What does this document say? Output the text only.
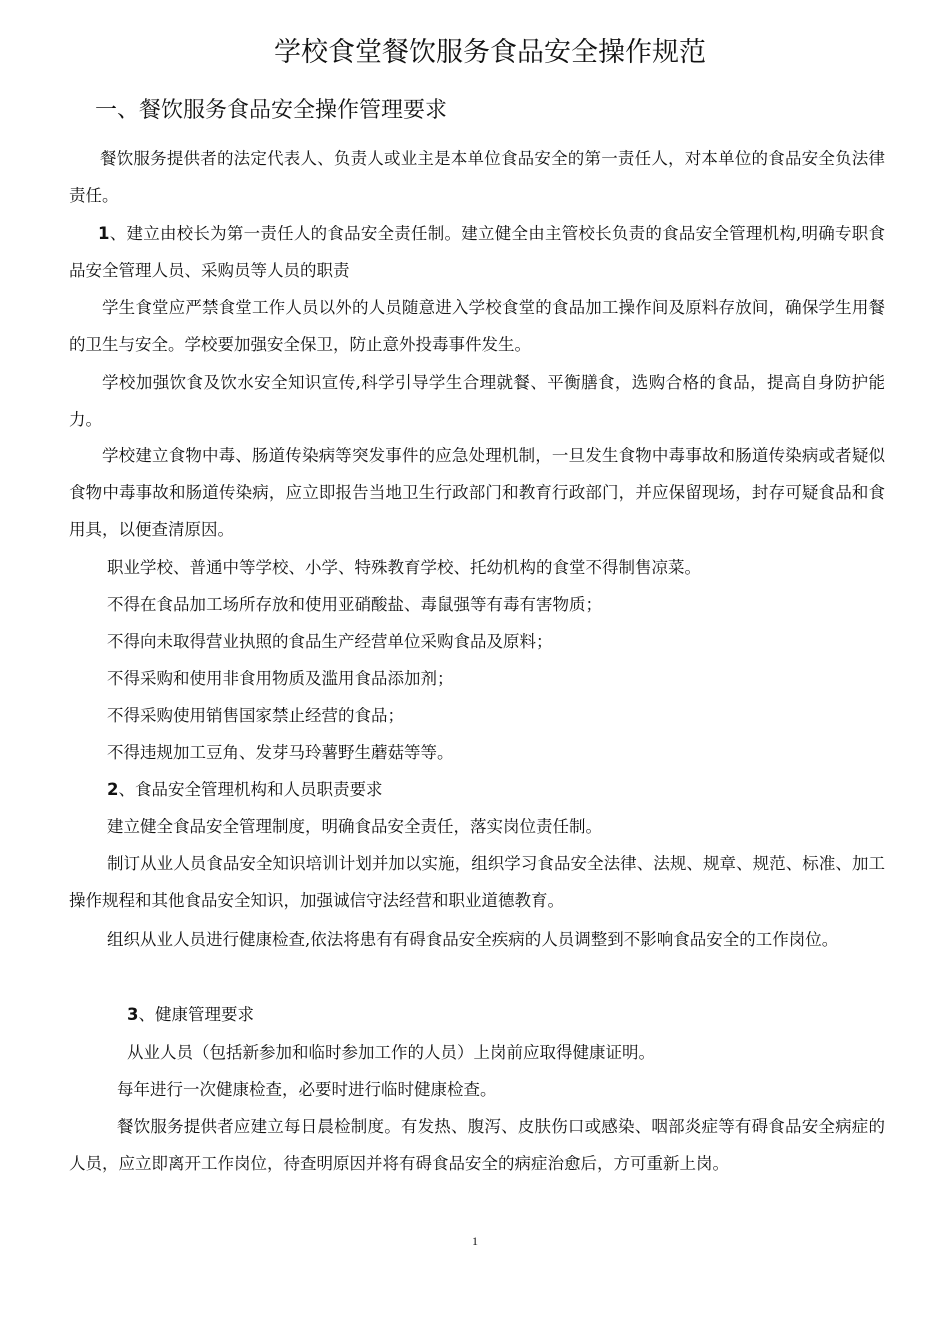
学校食堂餐饮服务食品安全操作规范
一、餐饮服务食品安全操作管理要求
餐饮服务提供者的法定代表人、负责人或业主是本单位食品安全的第一责任人，对本单位的食品安全负法律责任。
1、建立由校长为第一责任人的食品安全责任制。建立健全由主管校长负责的食品安全管理机构,明确专职食品安全管理人员、采购员等人员的职责
学生食堂应严禁食堂工作人员以外的人员随意进入学校食堂的食品加工操作间及原料存放间，确保学生用餐的卫生与安全。学校要加强安全保卫，防止意外投毒事件发生。
学校加强饮食及饮水安全知识宣传,科学引导学生合理就餐、平衡膳食，选购合格的食品，提高自身防护能力。
学校建立食物中毒、肠道传染病等突发事件的应急处理机制，一旦发生食物中毒事故和肠道传染病或者疑似食物中毒事故和肠道传染病，应立即报告当地卫生行政部门和教育行政部门，并应保留现场，封存可疑食品和食用具，以便查清原因。
职业学校、普通中等学校、小学、特殊教育学校、托幼机构的食堂不得制售凉菜。
不得在食品加工场所存放和使用亚硝酸盐、毒鼠强等有毒有害物质；
不得向未取得营业执照的食品生产经营单位采购食品及原料；
不得采购和使用非食用物质及滥用食品添加剂；
不得采购使用销售国家禁止经营的食品；
不得违规加工豆角、发芽马玲薯野生蘑菇等等。
2、食品安全管理机构和人员职责要求
建立健全食品安全管理制度，明确食品安全责任，落实岗位责任制。
制订从业人员食品安全知识培训计划并加以实施，组织学习食品安全法律、法规、规章、规范、标准、加工操作规程和其他食品安全知识，加强诚信守法经营和职业道德教育。
组织从业人员进行健康检查,依法将患有有碍食品安全疾病的人员调整到不影响食品安全的工作岗位。
3、健康管理要求
从业人员（包括新参加和临时参加工作的人员）上岗前应取得健康证明。
每年进行一次健康检查，必要时进行临时健康检查。
餐饮服务提供者应建立每日晨检制度。有发热、腹泻、皮肤伤口或感染、咽部炎症等有碍食品安全病症的人员，应立即离开工作岗位，待查明原因并将有碍食品安全的病症治愈后，方可重新上岗。
1
